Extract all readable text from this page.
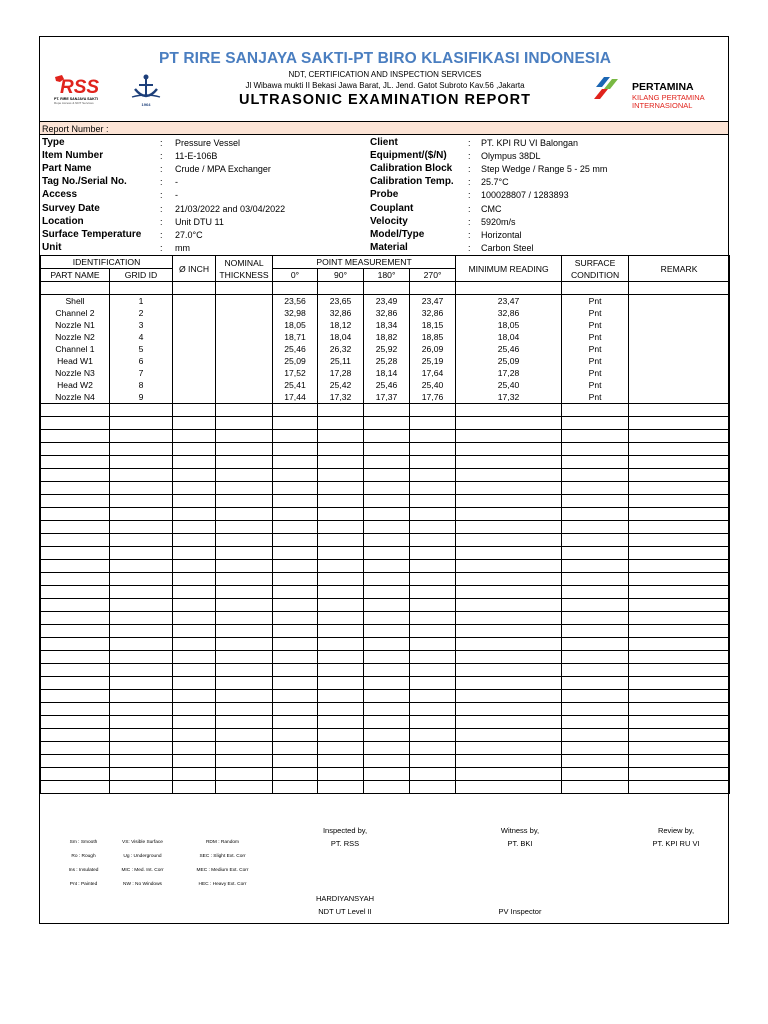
RSS
PT. RIRE SANJAYA SAKTI
Rope Access & NDT Services	1964
PERTAMINA
KILANG PERTAMINA
INTERNASIONAL
PT RIRE SANJAYA SAKTI-PT BIRO KLASIFIKASI INDONESIA
NDT, CERTIFICATION AND INSPECTION SERVICES
Jl Wibawa mukti II Bekasi Jawa Barat, JL. Jend. Gatot Subroto Kav.56 ,Jakarta
ULTRASONIC EXAMINATION REPORT
Report Number :
Type	: Pressure Vessel
Item Number	: 11-E-106B
Part Name	: Crude / MPA Exchanger
Tag No./Serial No.	: -
Access	: -
Survey Date	: 21/03/2022 and 03/04/2022
Location	: Unit DTU 11
Surface Temperature : 27.0°C
Unit	: mm
Client	: PT. KPI RU VI Balongan
Equipment/($/N) : Olympus 38DL
Calibration Block : Step Wedge / Range 5 - 25 mm
Calibration Temp. : 25.7°C
Probe	: 100028807 / 1283893
Couplant	: CMC
Velocity	: 5920m/s
Model/Type	: Horizontal
Material	: Carbon Steel
IDENTIFICATION		Ø INCH	NOMINAL
THICKNESS	POINT MEASUREMENT				MINIMUM READING	SURFACE
CONDITION	REMARK
PART NAME	GRID ID			0°	90°	180°	270°			

Shell	1			23,56	23,65	23,49	23,47	23,47	Pnt	
Channel 2	2			32,98	32,86	32,86	32,86	32,86	Pnt	
Nozzle N1	3			18,05	18,12	18,34	18,15	18,05	Pnt	
Nozzle N2	4			18,71	18,04	18,82	18,85	18,04	Pnt	
Channel 1	5			25,46	26,32	25,92	26,09	25,46	Pnt	
Head W1	6			25,09	25,11	25,28	25,19	25,09	Pnt	
Nozzle N3	7			17,52	17,28	18,14	17,64	17,28	Pnt	
Head W2	8			25,41	25,42	25,46	25,40	25,40	Pnt	
Nozzle N4	9			17,44	17,32	17,37	17,76	17,32	Pnt	

Inspected by,
PT. RSS
Witness by,
PT. BKI
Review by,
PT. KPI RU VI
HARDIYANSYAH
NDT UT Level II	PV Inspector
Sm : Smooth	VS: Visible Surface	RDM : Random
Ro : Rough	Ug : Underground	SEC : Slight Ext. Corr
Ins : Insulated	MIC : Med. Int. Corr	MEC : Medium Ext. Corr
Pnt : Painted	NW : No Windows	HEC : Heavy Ext. Corr
